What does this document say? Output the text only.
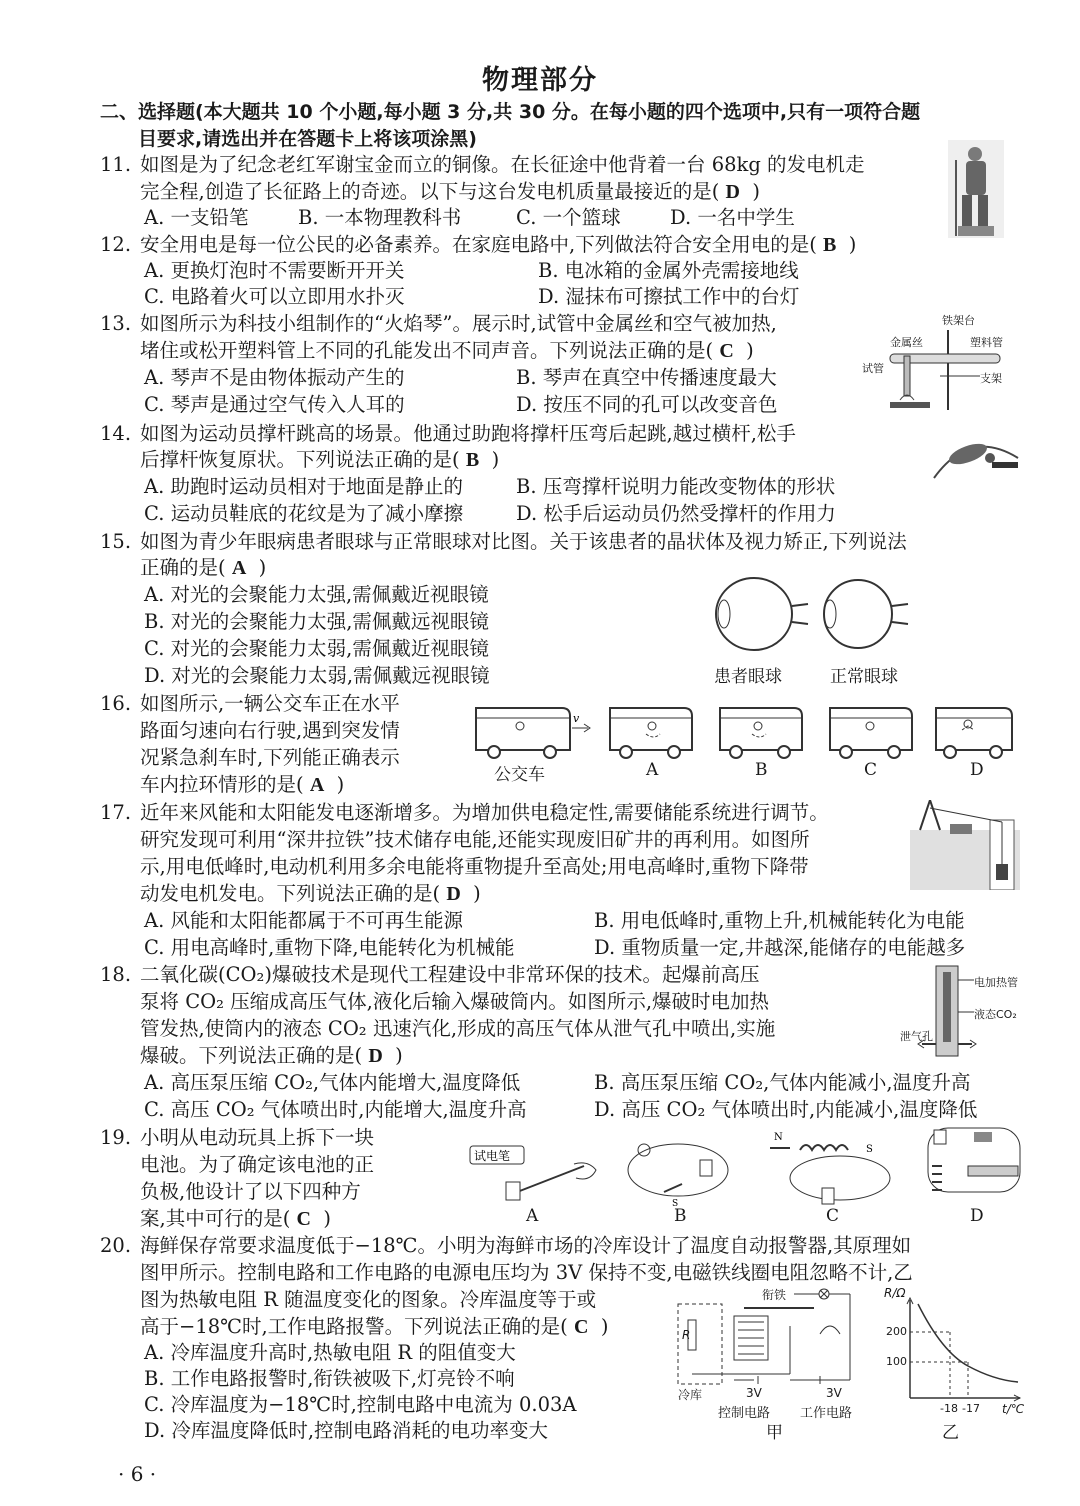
物理部分
二、选择题(本大题共 10 个小题,每小题 3 分,共 30 分。在每小题的四个选项中,只有一项符合题
目要求,请选出并在答题卡上将该项涂黑)
11. 如图是为了纪念老红军谢宝金而立的铜像。在长征途中他背着一台 68kg 的发电机走
完全程,创造了长征路上的奇迹。以下与这台发电机质量最接近的是( D )
A. 一支铅笔	B. 一本物理教科书	C. 一个篮球	D. 一名中学生
12. 安全用电是每一位公民的必备素养。在家庭电路中,下列做法符合安全用电的是( B )
A. 更换灯泡时不需要断开开关	B. 电冰箱的金属外壳需接地线
C. 电路着火可以立即用水扑灭	D. 湿抹布可擦拭工作中的台灯
13. 如图所示为科技小组制作的“火焰琴”。展示时,试管中金属丝和空气被加热,
堵住或松开塑料管上不同的孔能发出不同声音。下列说法正确的是( C )
A. 琴声不是由物体振动产生的	B. 琴声在真空中传播速度最大
C. 琴声是通过空气传入人耳的	D. 按压不同的孔可以改变音色
铁架台
金属丝	塑料管
试管
支架
14. 如图为运动员撑杆跳高的场景。他通过助跑将撑杆压弯后起跳,越过横杆,松手
后撑杆恢复原状。下列说法正确的是( B )
A. 助跑时运动员相对于地面是静止的	B. 压弯撑杆说明力能改变物体的形状
C. 运动员鞋底的花纹是为了减小摩擦	D. 松手后运动员仍然受撑杆的作用力
15. 如图为青少年眼病患者眼球与正常眼球对比图。关于该患者的晶状体及视力矫正,下列说法
正确的是( A )
A. 对光的会聚能力太强,需佩戴近视眼镜
B. 对光的会聚能力太强,需佩戴远视眼镜
C. 对光的会聚能力太弱,需佩戴近视眼镜
D. 对光的会聚能力太弱,需佩戴远视眼镜	患者眼球	正常眼球
16. 如图所示,一辆公交车正在水平
路面匀速向右行驶,遇到突发情
况紧急刹车时,下列能正确表示
车内拉环情形的是( A )
v
公交车	A	B	C	D
17. 近年来风能和太阳能发电逐渐增多。为增加供电稳定性,需要储能系统进行调节。
研究发现可利用“深井拉铁”技术储存电能,还能实现废旧矿井的再利用。如图所
示,用电低峰时,电动机利用多余电能将重物提升至高处;用电高峰时,重物下降带
动发电机发电。下列说法正确的是( D )
A. 风能和太阳能都属于不可再生能源	B. 用电低峰时,重物上升,机械能转化为电能
C. 用电高峰时,重物下降,电能转化为机械能	D. 重物质量一定,井越深,能储存的电能越多
18. 二氧化碳(CO₂)爆破技术是现代工程建设中非常环保的技术。起爆前高压
泵将 CO₂ 压缩成高压气体,液化后输入爆破筒内。如图所示,爆破时电加热
管发热,使筒内的液态 CO₂ 迅速汽化,形成的高压气体从泄气孔中喷出,实施
爆破。下列说法正确的是( D )
A. 高压泵压缩 CO₂,气体内能增大,温度降低	B. 高压泵压缩 CO₂,气体内能减小,温度升高
C. 高压 CO₂ 气体喷出时,内能增大,温度升高	D. 高压 CO₂ 气体喷出时,内能减小,温度降低
电加热管
液态CO₂
泄气孔
19. 小明从电动玩具上拆下一块
电池。为了确定该电池的正
负极,他设计了以下四种方
案,其中可行的是( C )
试电笔
S
N
S
A	B	C	D
20. 海鲜保存常要求温度低于−18℃。小明为海鲜市场的冷库设计了温度自动报警器,其原理如
图甲所示。控制电路和工作电路的电源电压均为 3V 保持不变,电磁铁线圈电阻忽略不计,乙
图为热敏电阻 R 随温度变化的图象。冷库温度等于或
高于−18℃时,工作电路报警。下列说法正确的是( C )
A. 冷库温度升高时,热敏电阻 R 的阻值变大
B. 工作电路报警时,衔铁被吸下,灯亮铃不响
C. 冷库温度为−18℃时,控制电路中电流为 0.03A
D. 冷库温度降低时,控制电路消耗的电功率变大
衔铁
R
冷库	3V	3V
控制电路 工作电路
甲
R/Ω
200
100
-18 -17 t/℃
乙
· 6 ·
